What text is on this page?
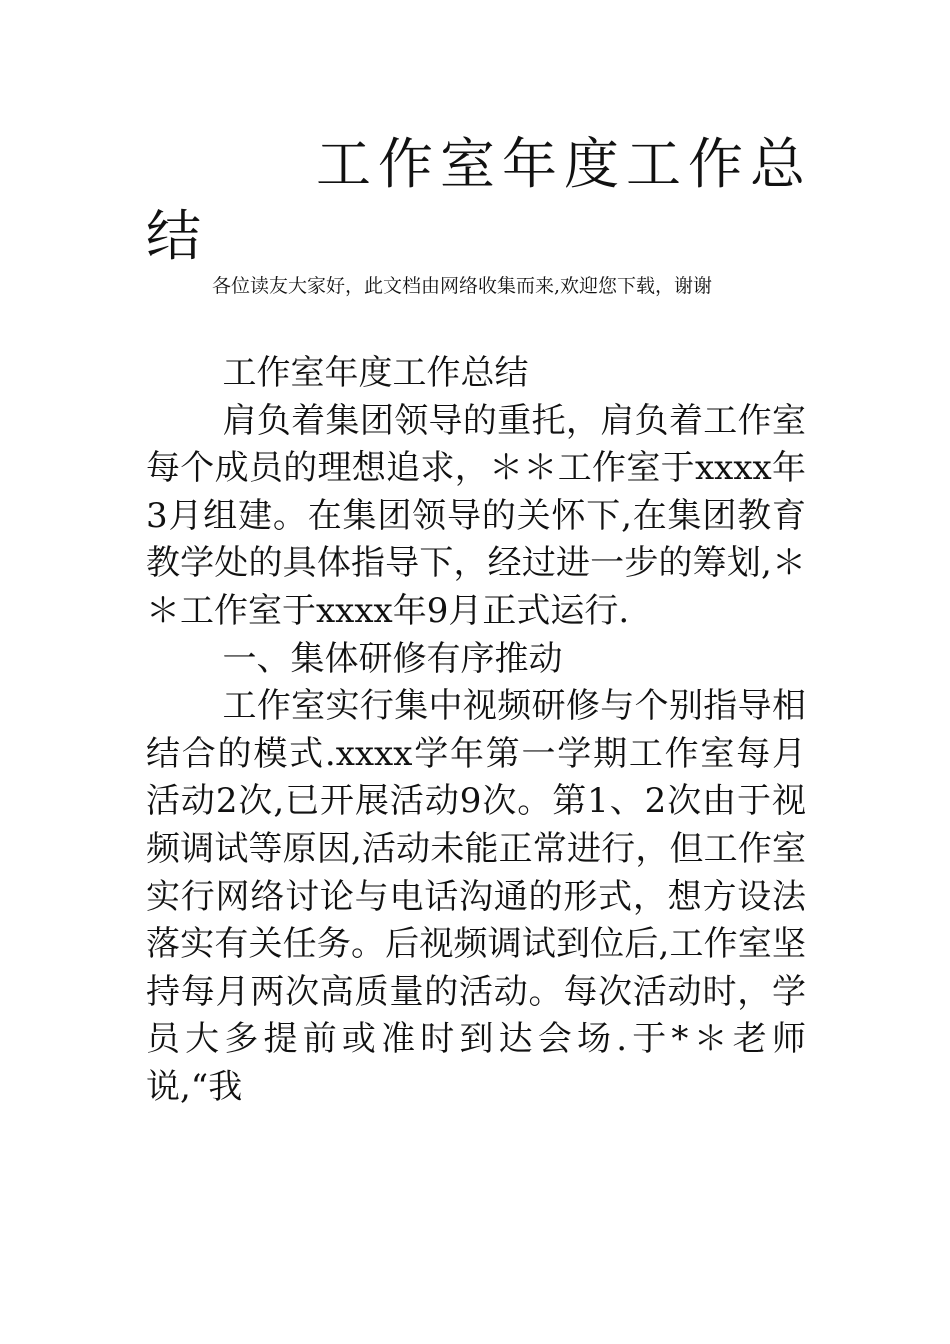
工作室年度工作总结

各位读友大家好，此文档由网络收集而来,欢迎您下载，谢谢

工作室年度工作总结

肩负着集团领导的重托，肩负着工作室每个成员的理想追求，＊＊工作室于xxxx年3月组建。在集团领导的关怀下,在集团教育教学处的具体指导下，经过进一步的筹划,＊＊工作室于xxxx年9月正式运行.

一、集体研修有序推动

工作室实行集中视频研修与个别指导相结合的模式.xxxx学年第一学期工作室每月活动2次,已开展活动9次。第1、2次由于视频调试等原因,活动未能正常进行，但工作室实行网络讨论与电话沟通的形式，想方设法落实有关任务。后视频调试到位后,工作室坚持每月两次高质量的活动。每次活动时，学员大多提前或准时到达会场.于*＊老师说,“我
